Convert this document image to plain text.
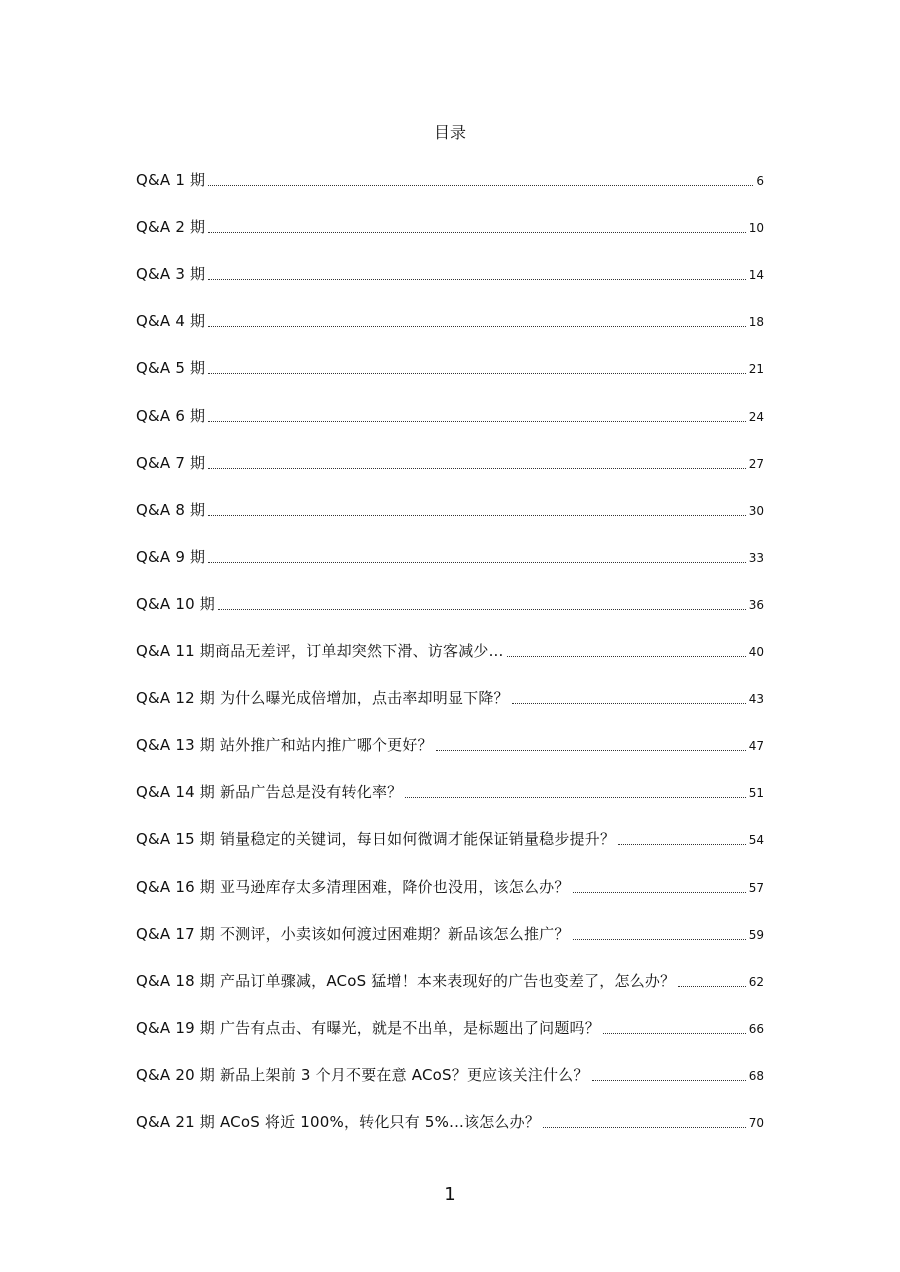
目录
Q&A 1 期	6
Q&A 2 期	10
Q&A 3 期	14
Q&A 4 期	18
Q&A 5 期	21
Q&A 6 期	24
Q&A 7 期	27
Q&A 8 期	30
Q&A 9 期	33
Q&A 10 期	36
Q&A 11 期商品无差评，订单却突然下滑、访客减少...	40
Q&A 12 期 为什么曝光成倍增加，点击率却明显下降？	43
Q&A 13 期 站外推广和站内推广哪个更好？	47
Q&A 14 期 新品广告总是没有转化率？	51
Q&A 15 期 销量稳定的关键词，每日如何微调才能保证销量稳步提升？	54
Q&A 16 期 亚马逊库存太多清理困难，降价也没用，该怎么办？	57
Q&A 17 期 不测评，小卖该如何渡过困难期？新品该怎么推广？	59
Q&A 18 期 产品订单骤减，ACoS 猛增！本来表现好的广告也变差了，怎么办？	62
Q&A 19 期 广告有点击、有曝光，就是不出单，是标题出了问题吗？	66
Q&A 20 期 新品上架前 3 个月不要在意 ACoS？更应该关注什么？	68
Q&A 21 期 ACoS 将近 100%，转化只有 5%...该怎么办？	70
1
